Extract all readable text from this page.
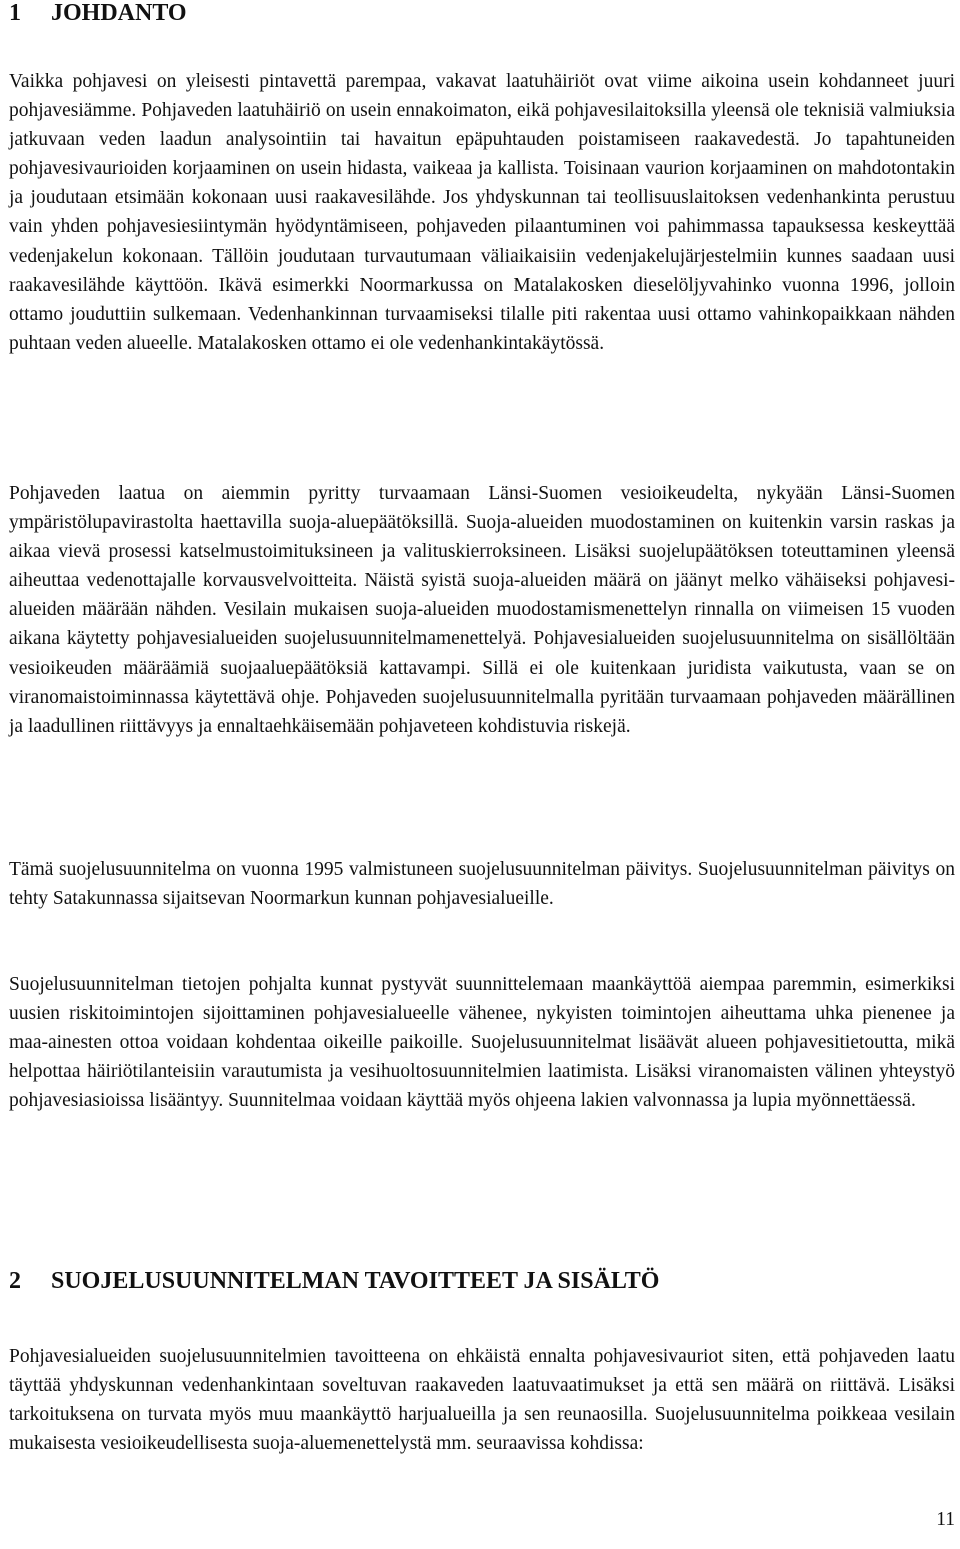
1 JOHDANTO

Vaikka pohjavesi on yleisesti pintavettä parempaa, vakavat laatuhäiriöt ovat viime aikoina usein kohdanneet juuri pohjavesiämme. Pohjaveden laatuhäiriö on usein ennakoimaton, eikä pohjavesilaitoksilla yleensä ole teknisiä valmiuksia jatkuvaan veden laadun analysointiin tai havaitun epäpuhtauden poistamiseen raakavedestä. Jo tapahtuneiden pohjavesivaurioiden korjaaminen on usein hidasta, vaikeaa ja kallista. Toisinaan vaurion korjaaminen on mahdotontakin ja joudutaan etsimään kokonaan uusi raakavesilähde. Jos yhdyskunnan tai teollisuuslaitoksen vedenhankinta perustuu vain yhden pohjavesiesiintymän hyödyntämiseen, pohjaveden pilaantuminen voi pahimmassa tapauksessa keskeyttää vedenjakelun kokonaan. Tällöin joudutaan turvautumaan väliaikaisiin vedenjakelujärjestelmiin kunnes saadaan uusi raakavesilähde käyttöön. Ikävä esimerkki Noormarkussa on Matalakosken dieselöljyvahinko vuonna 1996, jolloin ottamo jouduttiin sulkemaan. Vedenhankinnan turvaamiseksi tilalle piti rakentaa uusi ottamo vahinkopaikkaan nähden puhtaan veden alueelle. Matalakosken ottamo ei ole vedenhankintakäytössä.

Pohjaveden laatua on aiemmin pyritty turvaamaan Länsi-Suomen vesioikeudelta, nykyään Länsi-Suomen ympäristölupavirastolta haettavilla suoja-aluepäätöksillä. Suoja-alueiden muodostaminen on kuitenkin varsin raskas ja aikaa vievä prosessi katselmustoimituksineen ja valituskierroksineen. Lisäksi suojelupäätöksen toteuttaminen yleensä aiheuttaa vedenottajalle korvausvelvoitteita. Näistä syistä suoja-alueiden määrä on jäänyt melko vähäiseksi pohjavesialueiden määrään nähden. Vesilain mukaisen suoja-alueiden muodostamismenettelyn rinnalla on viimeisen 15 vuoden aikana käytetty pohjavesialueiden suojelusuunnitelmamenettelyä. Pohjavesialueiden suojelusuunnitelma on sisällöltään vesioikeuden määräämiä suojaaluepäätöksiä kattavampi. Sillä ei ole kuitenkaan juridista vaikutusta, vaan se on viranomaistoiminnassa käytettävä ohje. Pohjaveden suojelusuunnitelmalla pyritään turvaamaan pohjaveden määrällinen ja laadullinen riittävyys ja ennaltaehkäisemään pohjaveteen kohdistuvia riskejä.

Tämä suojelusuunnitelma on vuonna 1995 valmistuneen suojelusuunnitelman päivitys. Suojelusuunnitelman päivitys on tehty Satakunnassa sijaitsevan Noormarkun kunnan pohjavesialueille.

Suojelusuunnitelman tietojen pohjalta kunnat pystyvät suunnittelemaan maankäyttöä aiempaa paremmin, esimerkiksi uusien riskitoimintojen sijoittaminen pohjavesialueelle vähenee, nykyisten toimintojen aiheuttama uhka pienenee ja maa-ainesten ottoa voidaan kohdentaa oikeille paikoille. Suojelusuunnitelmat lisäävät alueen pohjavesitietoutta, mikä helpottaa häiriötilanteisiin varautumista ja vesihuoltosuunnitelmien laatimista. Lisäksi viranomaisten välinen yhteystyö pohjavesiasioissa lisääntyy. Suunnitelmaa voidaan käyttää myös ohjeena lakien valvonnassa ja lupia myönnettäessä.

2 SUOJELUSUUNNITELMAN TAVOITTEET JA SISÄLTÖ

Pohjavesialueiden suojelusuunnitelmien tavoitteena on ehkäistä ennalta pohjavesivauriot siten, että pohjaveden laatu täyttää yhdyskunnan vedenhankintaan soveltuvan raakaveden laatuvaatimukset ja että sen määrä on riittävä. Lisäksi tarkoituksena on turvata myös muu maankäyttö harjualueilla ja sen reunaosilla. Suojelusuunnitelma poikkeaa vesilain mukaisesta vesioikeudellisesta suoja-aluemenettelystä mm. seuraavissa kohdissa:

11
